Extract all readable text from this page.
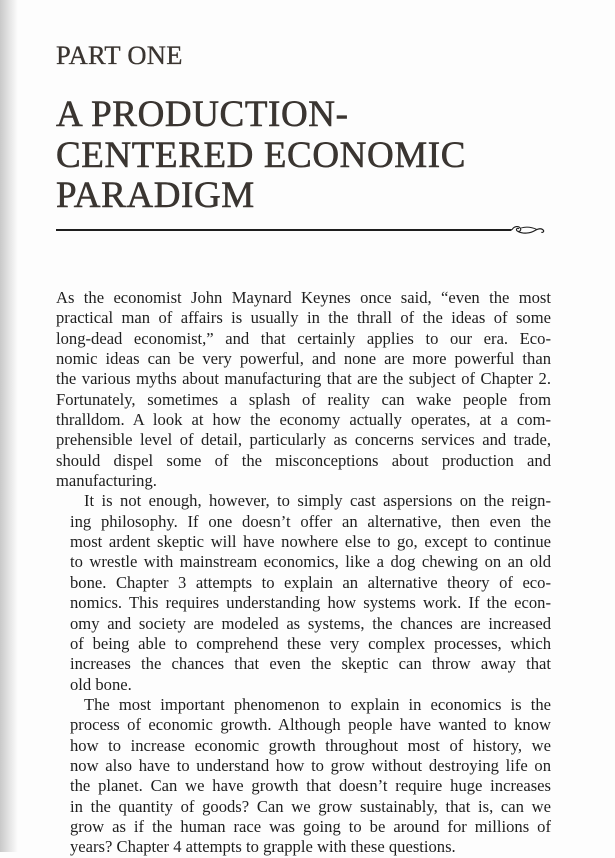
PART ONE
A PRODUCTION-
CENTERED ECONOMIC
PARADIGM

As the economist John Maynard Keynes once said, “even the most
practical man of affairs is usually in the thrall of the ideas of some
long-dead economist,” and that certainly applies to our era. Eco-
nomic ideas can be very powerful, and none are more powerful than
the various myths about manufacturing that are the subject of Chapter 2.
Fortunately, sometimes a splash of reality can wake people from
thralldom. A look at how the economy actually operates, at a com-
prehensible level of detail, particularly as concerns services and trade,
should dispel some of the misconceptions about production and
manufacturing.

It is not enough, however, to simply cast aspersions on the reign-
ing philosophy. If one doesn’t offer an alternative, then even the
most ardent skeptic will have nowhere else to go, except to continue
to wrestle with mainstream economics, like a dog chewing on an old
bone. Chapter 3 attempts to explain an alternative theory of eco-
nomics. This requires understanding how systems work. If the econ-
omy and society are modeled as systems, the chances are increased
of being able to comprehend these very complex processes, which
increases the chances that even the skeptic can throw away that
old bone.

The most important phenomenon to explain in economics is the
process of economic growth. Although people have wanted to know
how to increase economic growth throughout most of history, we
now also have to understand how to grow without destroying life on
the planet. Can we have growth that doesn’t require huge increases
in the quantity of goods? Can we grow sustainably, that is, can we
grow as if the human race was going to be around for millions of
years? Chapter 4 attempts to grapple with these questions.
